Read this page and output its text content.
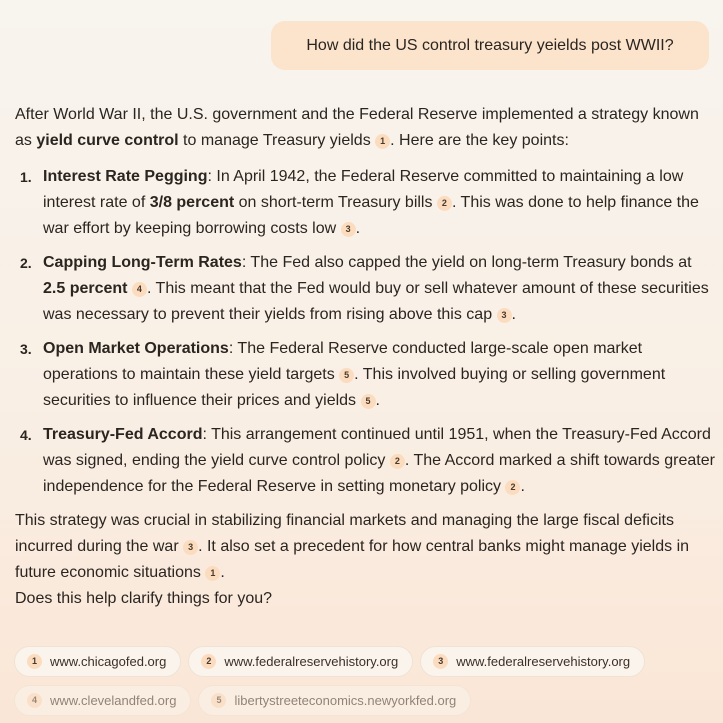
How did the US control treasury yeields post WWII?

After World War II, the U.S. government and the Federal Reserve implemented a strategy known as yield curve control to manage Treasury yields 1 . Here are the key points:

1. Interest Rate Pegging: In April 1942, the Federal Reserve committed to maintaining a low interest rate of 3/8 percent on short-term Treasury bills 2 . This was done to help finance the war effort by keeping borrowing costs low 3 .
2. Capping Long-Term Rates: The Fed also capped the yield on long-term Treasury bonds at 2.5 percent 4 . This meant that the Fed would buy or sell whatever amount of these securities was necessary to prevent their yields from rising above this cap 3 .
3. Open Market Operations: The Federal Reserve conducted large-scale open market operations to maintain these yield targets 5 . This involved buying or selling government securities to influence their prices and yields 5 .
4. Treasury-Fed Accord: This arrangement continued until 1951, when the Treasury-Fed Accord was signed, ending the yield curve control policy 2 . The Accord marked a shift towards greater independence for the Federal Reserve in setting monetary policy 2 .

This strategy was crucial in stabilizing financial markets and managing the large fiscal deficits incurred during the war 3 . It also set a precedent for how central banks might manage yields in future economic situations 1 .

Does this help clarify things for you?

1	www.chicagofed.org	2	www.federalreservehistory.org	3	www.federalreservehistory.org
4	www.clevelandfed.org	5	libertystreeteconomics.newyorkfed.org
